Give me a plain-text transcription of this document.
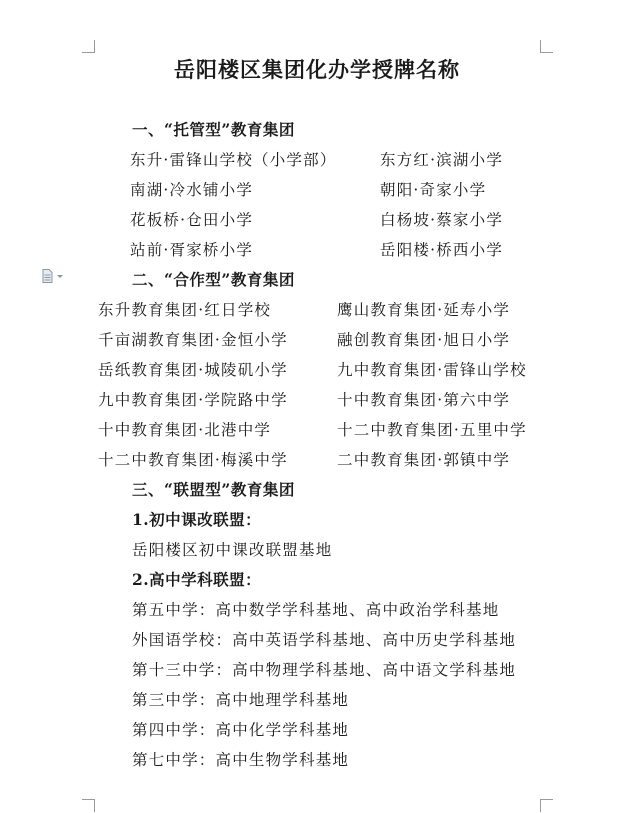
岳阳楼区集团化办学授牌名称
一、“托管型”教育集团
东升·雷锋山学校（小学部）	东方红·滨湖小学
南湖·冷水铺小学	朝阳·奇家小学
花板桥·仓田小学	白杨坡·蔡家小学
站前·胥家桥小学	岳阳楼·桥西小学
二、“合作型”教育集团
东升教育集团·红日学校	鹰山教育集团·延寿小学
千亩湖教育集团·金恒小学	融创教育集团·旭日小学
岳纸教育集团·城陵矶小学	九中教育集团·雷锋山学校
九中教育集团·学院路中学	十中教育集团·第六中学
十中教育集团·北港中学	十二中教育集团·五里中学
十二中教育集团·梅溪中学	二中教育集团·郭镇中学
三、“联盟型”教育集团
1.初中课改联盟：
岳阳楼区初中课改联盟基地
2.高中学科联盟：
第五中学：高中数学学科基地、高中政治学科基地
外国语学校：高中英语学科基地、高中历史学科基地
第十三中学：高中物理学科基地、高中语文学科基地
第三中学：高中地理学科基地
第四中学：高中化学学科基地
第七中学：高中生物学科基地
